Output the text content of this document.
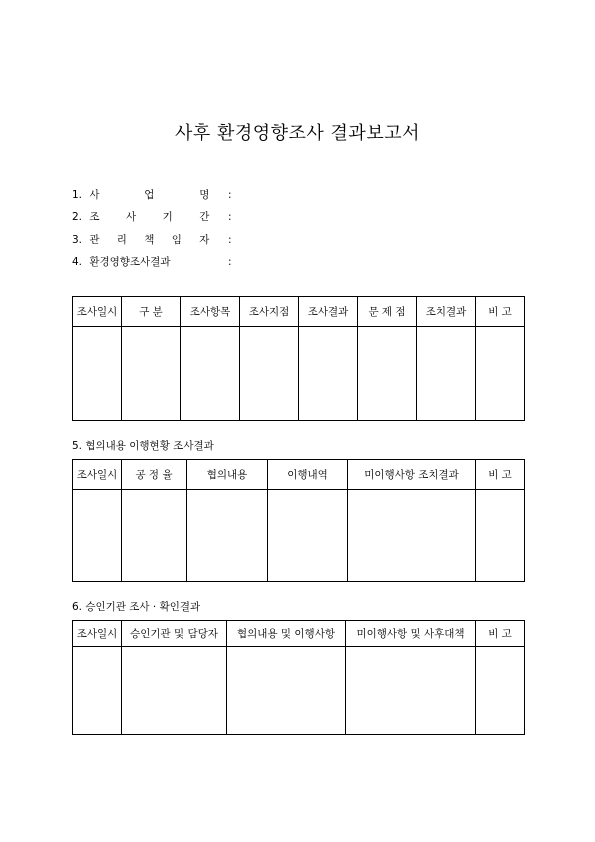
사후 환경영향조사 결과보고서
1. 사 업 명 :
2. 조 사 기 간 :
3. 관 리 책 임 자 :
4. 환경영향조사결과	:
조사일시	구 분	조사항목	조사지점	조사결과	문 제 점	조치결과	비 고

5. 협의내용 이행현황 조사결과
조사일시	공 정 율	협의내용	이행내역	미이행사항 조치결과	비 고

6. 승인기관 조사 · 확인결과
조사일시	승인기관 및 담당자	협의내용 및 이행사항	미이행사항 및 사후대책	비 고
